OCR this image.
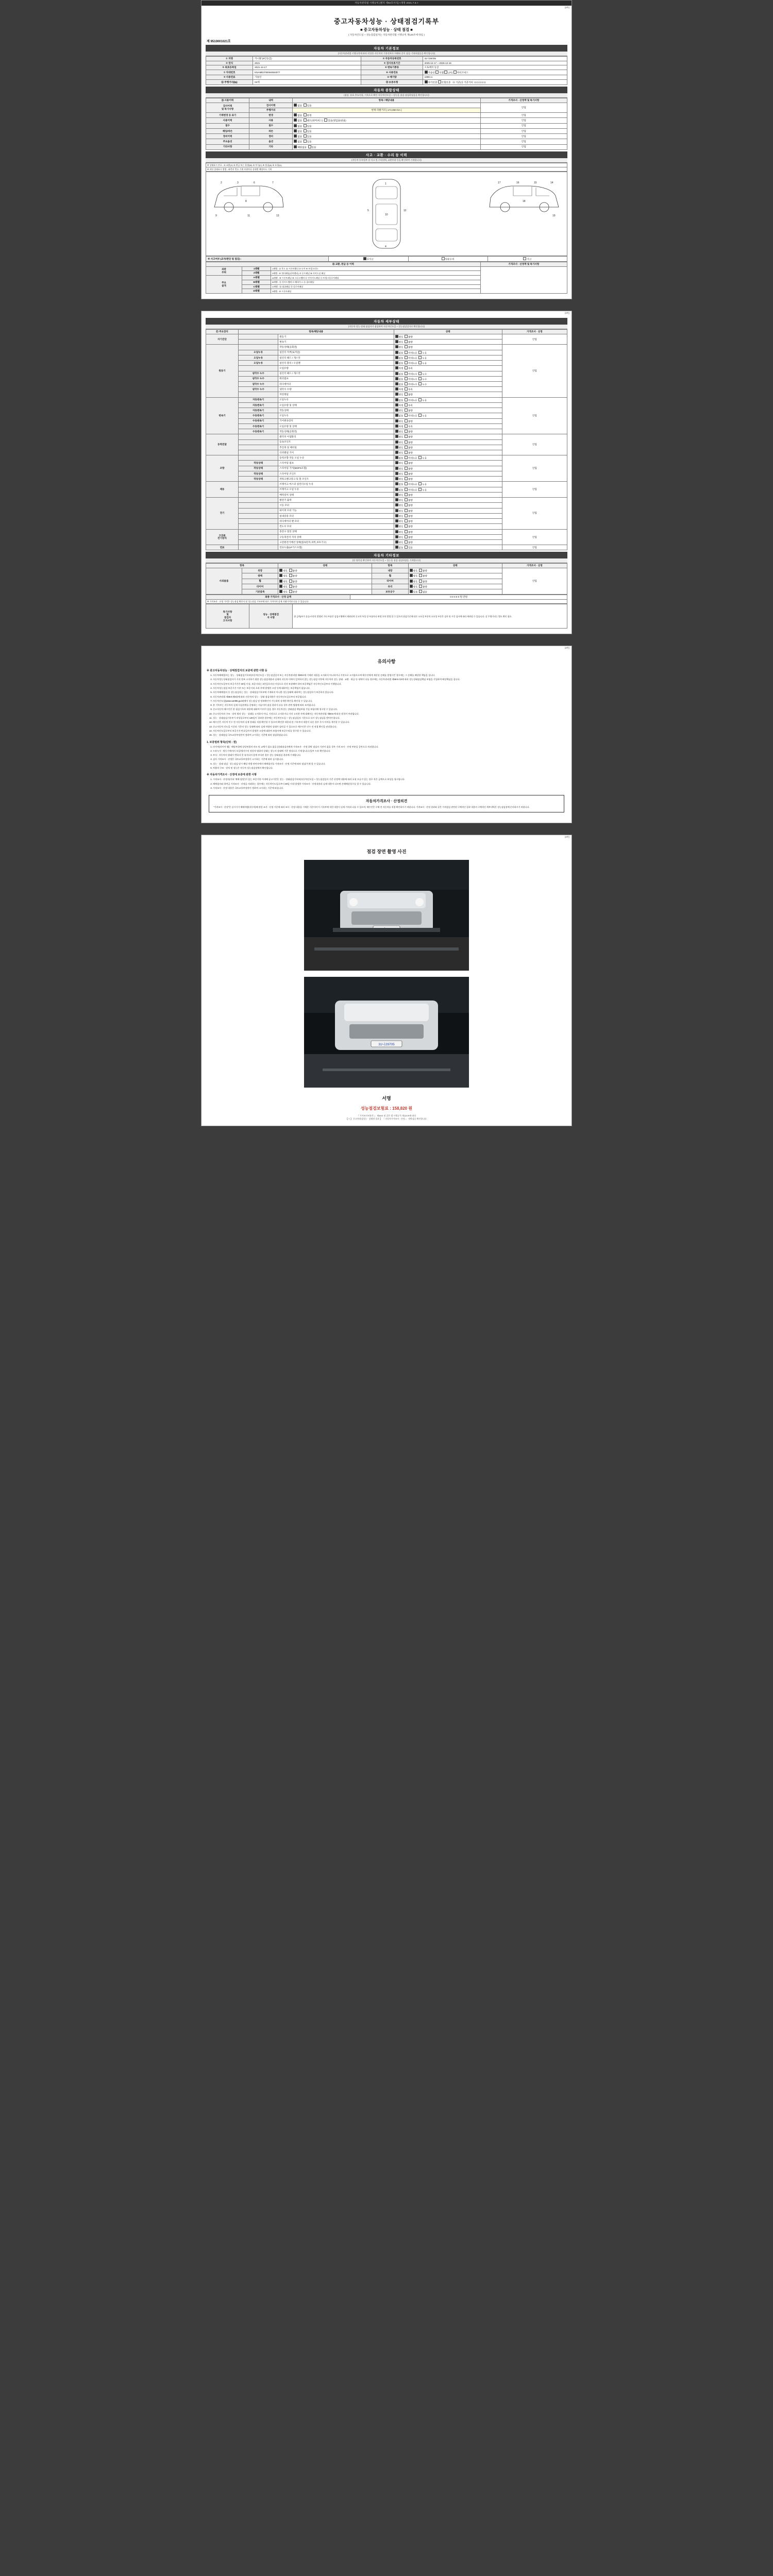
자동차관리법 시행규칙 [별지 제82호서식] <개정 2021.7.6.>
(3쪽)
중고자동차성능 · 상태점검기록부
■ 중고자동차성능 · 상태 점검 ■
( 자동차인도일 ~ 성능점검일자는 자동차관리법 시행규칙 제120조에 따름 )
제 9510001021호
자동차 기본정보
(자동차관리법 시행규칙에 따라 작성한 자동차의 기본정보로 아래와 같이 점검·기재하였음을 확인합니다)
① 차명	카니발 (9인승급)	② 자동차등록번호	31나29705
③ 연식	2021	④ 검사유효기간	2025-12-17 ~ 2026-12-16
⑤ 최초등록일	2021-12-17	⑥ 변속기종류	오토매치 등급
⑦ 차대번호	KNAME37EEM4554077	⑧ 사용연료	가솔린 디젤 LPG 하이브리드
⑨ 사용연료	가솔린	⑩ 배기량	1999 cc
⑫ 주행거리(㎞)	04에	⑬ 보증유형	자가보증 보험보증 ⑭ 기준(산 기준거리 0 0 0 0 0 0
자동차 종합상태
(점검· 유효 주요사항, 기록으로 확인·자동차인도일 ~ 성능을 점검·점검하였음을 확인합니다)
⑮ 사용이력	내역	항목 / 해당내용	가격조사 · 산정액 및 특기사항
검사이력
및 특기사항	검사이력	없음 있음	안됨
	주행거리	현재 리밸거리 [ 174,050 Km ]	
기재변경 등 표기	변경	없음 변경	안됨
사용이력	사용	없음 렌트(대여/리스) 있음(영업용/관용)	안됨
침수	침수	없음 있음	안됨
헤일/파손	파손	없음 있음	안됨
정비이력	정비	없음 있음	안됨
주요옵션	옵션	없음 있음	안됨
기타사항	기타	해당없음 있음	안됨
사고 · 교환 · 수리 등 이력
(자동차 등록원부 상 사고 및 수리내역, 교환부위 등을 확인하여 기재합니다)
※ 상태표시 부호 : ① 교환(X) ② 판금 또는 용접(W) ③ 부식(C) ④ 흠집(A) ⑤ 요철(U)
※ 하단 상태표시 방법 : 좌측의 번호 기재 부위마다 상태별 해당부호 기재
2	3	6	7
8
9	11	13
1
10
4
5	12
14
15
16
17
18
19
※ 사고여부 (교차/판단 및 점검) :	무사고	단순수리	사고
⑯ 교환, 판금 등 이력			가격조사 · 산정액 및 특기사항
외판
부위	1레벨	1레벨 : ① 후드 ② 프론트휀더 ③ 도어 ④ 트렁크리드	
	2레벨	2레벨 : ⑥ 쿼터패널(리어휀더) ⑦ 루프패널 ⑧ 사이드실 패널	
주요
골격	A레벨	A레벨 : ⑨ 프론트패널 ⑩ 크로스멤버 ⑪ 인사이드패널 ⑫ 트렁크플로어패널	
	B레벨	B레벨 : ⑬ 사이드멤버 ⑭ 휠하우스 ⑮ 필러패널	
	C레벨	C레벨 : ⑯ 대쉬패널 ⑰ 플로어패널	
	D레벨	3레벨 : ⑨ 프론트패널	
(3쪽)
자동차 세부상태
(자동차 성능·상태 점검자가 점검하여 자동차인도일 ~ 성능점검일자로 확인합니다)
⑰ 주요장치	항목/해당내용		상태	가격조사 · 산정
자기진단		원동기	양호 불량	안됨
		변속기	양호 불량	
원동기		작동상태(공회전)	양호 불량	안됨
	오일누유	실린더 커버(로커암)	없음 미세누유 누유	
	오일누유	실린더 헤드 / 개스킷	없음 미세누유 누유	
	오일누유	실린더 블록 / 오일팬	없음 미세누유 누유	
		오일유량	적정 부족	
	냉각수 누수	실린더 헤드 / 개스킷	없음 미세누수 누수	
	냉각수 누수	워터펌프	없음 미세누수 누수	
	냉각수 누수	라디에이터	없음 미세누수 누수	
	냉각수 누수	냉각수 수량	적정 부족	
		커먼레일	양호 불량	
변속기	자동변속기	오일누유	없음 미세누유 누유	안됨
	자동변속기	오일유량 및 상태	적정 부족	
	자동변속기	작동상태	양호 불량	
	수동변속기	오일누유	없음 미세누유 누유	
	수동변속기	기어변속장치	양호 불량	
	수동변속기	오일유량 및 상태	적정 부족	
	수동변속기	작동상태(공회전)	양호 불량	
동력전달		클러치 어셈블리	양호 불량	안됨
		등속조인트	양호 불량	
		추진축 및 베어링	양호 불량	
		디퍼렌셜 기어	양호 불량	
조향		동력조향 작동 오일 누유	없음 미세누유 누유	안됨
	작동상태	스티어링 펌프	양호 불량	
	작동상태	스티어링 기어(MDPS포함)	양호 불량	
	작동상태	스티어링 조인트	양호 불량	
	작동상태	파워크랭크랑크 및 볼 조인트	양호 불량	
제동		브레이크 마스터 실린더오일 누유	없음 미세누유 누유	안됨
		브레이크 오일 누유	없음 미세누유 누유	
		배력장치 상태	양호 불량	
전기		발전기 출력	양호 불량	안됨
		시동 모터	양호 불량	
		와이퍼 모터 기능	양호 불량	
		실내송풍 모터	양호 불량	
		라디에이터 팬 모터	양호 불량	
		윈도우 모터	양호 불량	
고전원
전기장치		충전구 절연 상태	양호 불량	안됨
		구동축전지 격리 상태	양호 불량	
		고전원전기배선 상태(접속단자,피복,보호기구)	양호 불량	
연료		연료누출(LP가스포함)	없음 있음	안됨
자동차 기타정보
(⑱ 항목을 확인하여 자동차인도일 ~ 성능을 점검·점검하였음 기재합니다)
항목		상태	항목	상태	가격조사 · 산정
사외물품	외장	양호 불량	내장	양호 불량	안됨
	광택	양호 불량	휠	양호 불량	
	휠	양호 불량	타이어	양호 불량	
	타이어	양호 불량	유리	양호 불량	
	기본품목	양호 불량	보유공구	있음 없음	
최종 가격조사 · 산정 금액	0 0 0 0 0 원 만원
※ 가격조사 · 산정 가격은 성능점검 확인서 및 성능점검 기록부에 따른 가격이며 실제 거래가격과 다를 수 있습니다.
특기사항
및
점검자
고지사항	성능 · 상태점검
자 서명	위 금액(부가 종류/시의의 발생된 기타 부품은 검검시행에서 제외되며 중고차 특성 상 부품마다 판정 오차 발생 할 수 있으며 점검기준에 따른 소모성 부분의 소모성 부분은 검사 및 시간 검사에 따라 제외될 수 있습니다. 실 주행거리는 별도 확인 필요.
(3쪽)
유의사항
※ 중고자동차성능 · 상태점검자의 보증에 관한 사항 등
1. 자동차매매업자는 성능 · 상태점검기록부(자동차인도일 ~ 성능점검일자 또는 자동차관리법 제80조에 기재된 내용을 고지하지 아니하거나 거짓으로 고지함으로써 매수인에게 재산상 손해를 발생시킨 경우에는 그 손해를 배상할 책임을 집니다.
2. 자동차성능상태점검자가 거짓 정보 고지하기 위한 성능점검내용과 실제의 자동차 이력이 일치하지 않는 성능점검 이후에 자동차의 성능 상태 · 교환 · 판금 등 내역이 다를 경우에는 자동차관리법 제58조의4에 따라 성능상태점검책임 보험을 가입하여 배상책임을 집니다.
3. 자동차인도일부터 보증기간은 30일 이상, 보증거리는 2천킬로미터 이상으로 각각 보장해야 하며 보증책임은 자동차인도일부터 이행합니다.
4. 자동차성능점검 보증기간 이후 또는 보증거리 초과 후에 발생한 고장 등에 대하여는 보증책임이 없습니다.
5. 자동차매매업자 등 성능점검자는 성능 · 상태점검기록부에 기재하지 아니한 성능상태에 대하여는 성능점검자가 보증하지 않습니다.
6. 자동차관리법 제58조제5항에 따라 자동차의 성능 · 상태 점검내용은 자동차인도일로부터 보증됩니다.
7. 자동차인도일(www.car365.go.kr)에서 성능점검 및 정보확인이 가능하며 상세한 확인을 확인할 수 있습니다.
8. 본 기록부는 자동차의 실제 사실관계를 증명하는 서류이며 점검 결과가 다를 경우 관련 법령에 따라 조치됩니다.
9. 중고자동차 매수인은 본 점검기록부 내용에 대하여 이의가 있을 경우 자동차성능 상태점검 책임보험 가입 보험사에 청구할 수 있습니다.
10. 중고자동차의 구조 · 장치 별의 성능 · 상태를 고지하지 아니, 거짓으로 고지하거나 거짓 고지한 자에 대해서는 자동차관리법 제80조에 따른 벌칙이 부과됩니다.
11. 성능 · 상태점검기록부가 작성일로부터 120일이 경과한 경우에는 자동차인도일 ~ 성능점검일자 기준으로 다시 성능점검을 받아야 합니다.
12. 매수인은 자동차 인수 전 자동차의 실제 상태를 직접 확인할 수 있으며 확인한 내용과 본 기록부의 내용이 다른 경우 즉시 이의를 제기할 수 있습니다.
13. 중고자동차 인도일 시간과 기준의 성능 상태에 따라 실제 차량의 상태가 달라질 수 있으므로 매수인은 인수 전 직접 확인을 권장합니다.
14. 자동차인도일로부터 보증기간 만료일까지 발생한 고장에 대하여 보험사에 보증수리를 청구할 수 있습니다.
15. 성능 · 상태점검 국토교통부장관이 정하여 고시하는 기준에 따라 점검하였습니다.
1. 보증범위 항목(단위 : 원)
1. 타이어(타이어 휠) : 해당부위에 상당부위의 마모 및 교체가 필요 없음 (상태점검자에게 가격조사 · 산정 위탁 점검자 기관이 없을 경우 가격 조사 · 산정 부분을 공란으로 처리합니다.
2. 누유누수 : 원동기에서의 오일/냉각수의 정상적 범위의 상태는 성능의 상태에 기준 정상으로 기재 합니다 (일부 누유 확인합니다.
3. 부식 : 자동차의 형태가 변하지 못 유지되지 않게 부식된 경우 성능 상태점검 결과에 기재합니다.
4. 검사 가격조사 · 산정은 국토교통부장관이 고시하는 기준에 따라 실시합니다.
5. 성능 · 상태 점검 : 성능점검 당시 해당 차량 관련자에서 매매업자를 가격조사 · 산정 기준에 따라 점검/기재 할 수 있습니다.
6. 차량의 구조 · 장치 및 성능은 자동차 성능점검장에서 확인합니다.
※ 자동차가격조사 · 산정에 보증에 관한 사항
1. 가격조사 · 산정자(이하 '매매 담당')가 있는 보증기한 이내에 공고기준은 성능 · 상태점검기록부(자동차인도일 ~ 성능점검일자 기준 산정액 내용에 따라 요청 오류가 있는 경우 적은 금액으로 보상을 청구합니다.
2. 매매업자와 하여금 가격조사 · 산정을 의뢰하는 경우에는 자동차인도일로부터 30일 이내 발생한 가격조사 · 산정내용과 실제 내용이 다르면 손해배상청구를 할 수 있습니다.
3. 가격조사 · 산정 내용은 국토교통부장관이 정하여 고시하는 기준에 따릅니다.
자동차가격조사 · 산정의견
"가격조사 · 산정"은 실시기기 매매차량(자동차)에 관한 조사 · 산정 기준에 따라 조사 · 산정 내용을 기재한 기준이며 이 기록부에 적힌 내용이 실제 가격과 다를 수 있으며, 매수인은 구매 전 자동차를 직접 확인하시기 바랍니다. 가격조사 · 산정 결과와 같은 가격점검 관련된 구체적인 결과 내용의 구체적인 세부내역은 성능점검장에 문의하시기 바랍니다.
(3쪽)
점검 장면 촬영 사진
31나29705
서명
성능점검보험료 : 158,820 원
『 가격조사비용은 』 제58조 및 같은 법 시행규칙 제120조에 따라
【 Y 】 중고차점검성능 · 상태점 결과 】 『 자동차가격조사 · 산정 』 내역검증 확인합니다.
